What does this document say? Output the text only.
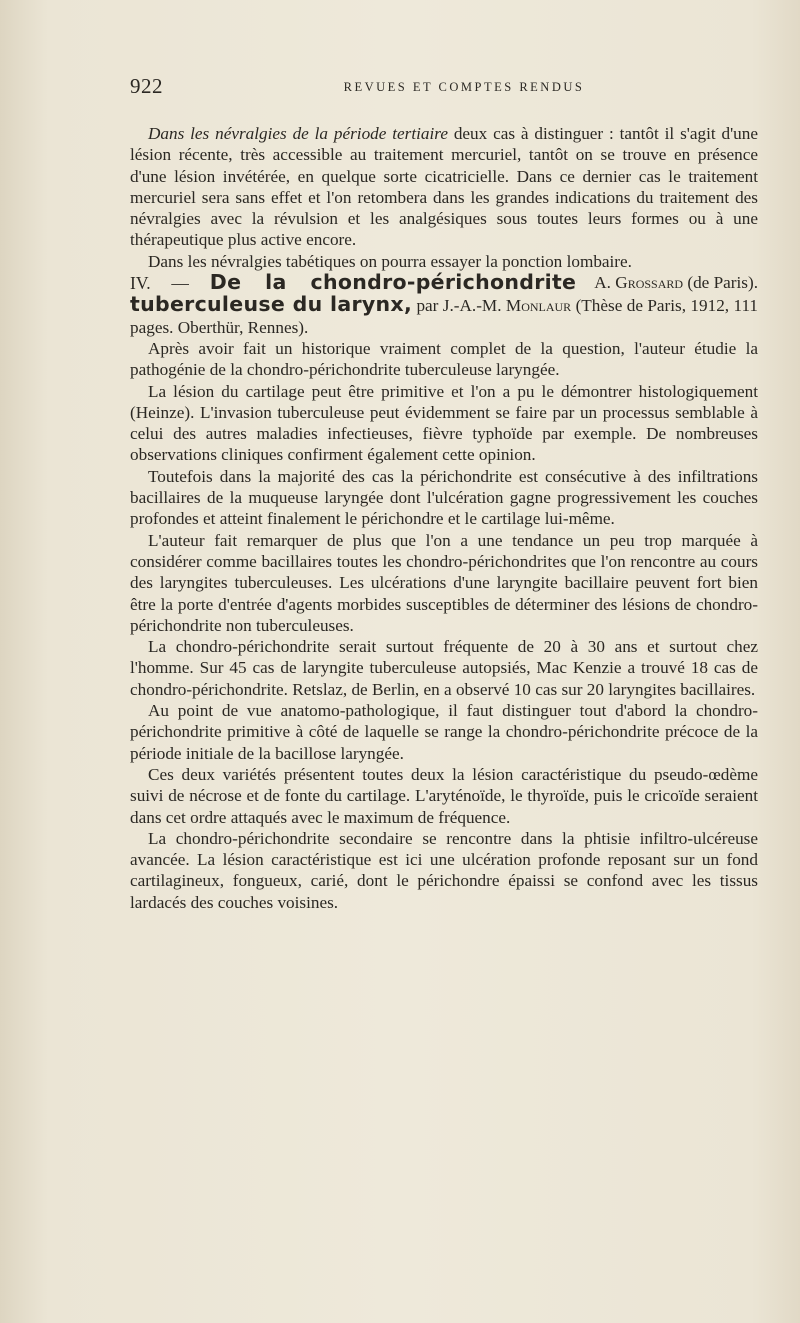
922	REVUES ET COMPTES RENDUS

Dans les névralgies de la période tertiaire deux cas à distinguer : tantôt il s'agit d'une lésion récente, très accessible au traitement mercuriel, tantôt on se trouve en présence d'une lésion invétérée, en quelque sorte cicatricielle. Dans ce dernier cas le traitement mercuriel sera sans effet et l'on retombera dans les grandes indications du traitement des névralgies avec la révulsion et les analgésiques sous toutes leurs formes ou à une thérapeutique plus active encore.

Dans les névralgies tabétiques on pourra essayer la ponction lombaire.
A. Grossard (de Paris).

IV. — De la chondro-périchondrite tuberculeuse du larynx, par J.-A.-M. Monlaur (Thèse de Paris, 1912, 111 pages. Oberthür, Rennes).

Après avoir fait un historique vraiment complet de la question, l'auteur étudie la pathogénie de la chondro-périchondrite tuberculeuse laryngée.

La lésion du cartilage peut être primitive et l'on a pu le démontrer histologiquement (Heinze). L'invasion tuberculeuse peut évidemment se faire par un processus semblable à celui des autres maladies infectieuses, fièvre typhoïde par exemple. De nombreuses observations cliniques confirment également cette opinion.

Toutefois dans la majorité des cas la périchondrite est consécutive à des infiltrations bacillaires de la muqueuse laryngée dont l'ulcération gagne progressivement les couches profondes et atteint finalement le périchondre et le cartilage lui-même.

L'auteur fait remarquer de plus que l'on a une tendance un peu trop marquée à considérer comme bacillaires toutes les chondro-périchondrites que l'on rencontre au cours des laryngites tuberculeuses. Les ulcérations d'une laryngite bacillaire peuvent fort bien être la porte d'entrée d'agents morbides susceptibles de déterminer des lésions de chondro-périchondrite non tuberculeuses.

La chondro-périchondrite serait surtout fréquente de 20 à 30 ans et surtout chez l'homme. Sur 45 cas de laryngite tuberculeuse autopsiés, Mac Kenzie a trouvé 18 cas de chondro-périchondrite. Retslaz, de Berlin, en a observé 10 cas sur 20 laryngites bacillaires.

Au point de vue anatomo-pathologique, il faut distinguer tout d'abord la chondro-périchondrite primitive à côté de laquelle se range la chondro-périchondrite précoce de la période initiale de la bacillose laryngée.

Ces deux variétés présentent toutes deux la lésion caractéristique du pseudo-œdème suivi de nécrose et de fonte du cartilage. L'aryténoïde, le thyroïde, puis le cricoïde seraient dans cet ordre attaqués avec le maximum de fréquence.

La chondro-périchondrite secondaire se rencontre dans la phtisie infiltro-ulcéreuse avancée. La lésion caractéristique est ici une ulcération profonde reposant sur un fond cartilagineux, fongueux, carié, dont le périchondre épaissi se confond avec les tissus lardacés des couches voisines.
